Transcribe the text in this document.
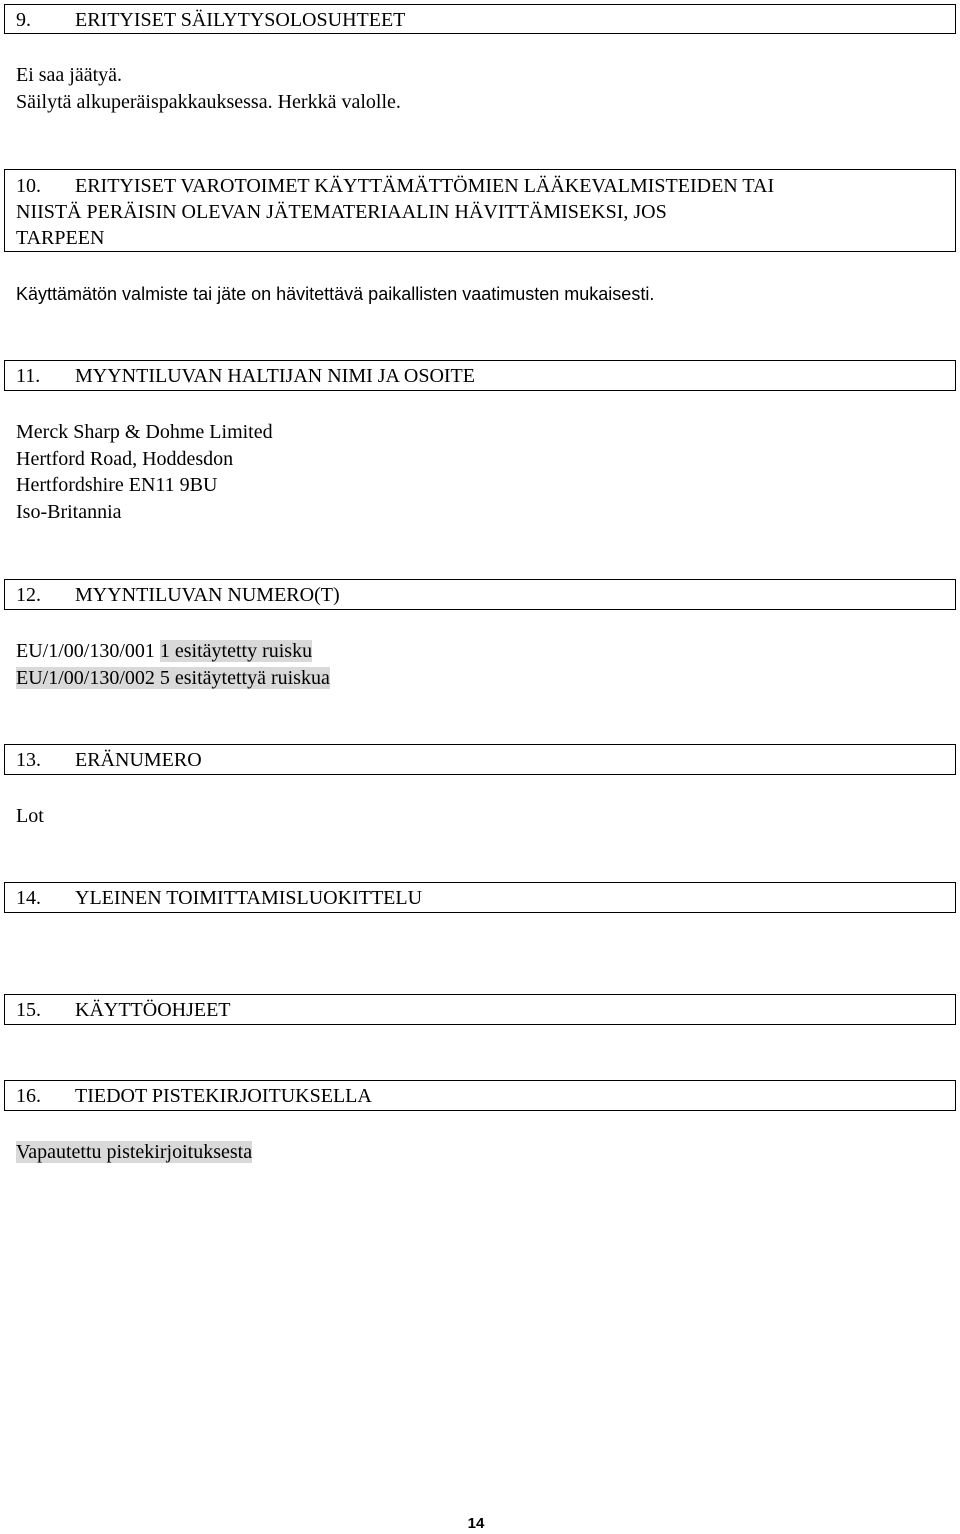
9. ERITYISET SÄILYTYSOLOSUHTEET
Ei saa jäätyä.
Säilytä alkuperäispakkauksessa. Herkkä valolle.
10. ERITYISET VAROTOIMET KÄYTTÄMÄTTÖMIEN LÄÄKEVALMISTEIDEN TAI
NIISTÄ PERÄISIN OLEVAN JÄTEMATERIAALIN HÄVITTÄMISEKSI, JOS
TARPEEN
Käyttämätön valmiste tai jäte on hävitettävä paikallisten vaatimusten mukaisesti.
11. MYYNTILUVAN HALTIJAN NIMI JA OSOITE
Merck Sharp & Dohme Limited
Hertford Road, Hoddesdon
Hertfordshire EN11 9BU
Iso-Britannia
12. MYYNTILUVAN NUMERO(T)
EU/1/00/130/001 1 esitäytetty ruisku
EU/1/00/130/002 5 esitäytettyä ruiskua
13. ERÄNUMERO
Lot
14. YLEINEN TOIMITTAMISLUOKITTELU
15. KÄYTTÖOHJEET
16. TIEDOT PISTEKIRJOITUKSELLA
Vapautettu pistekirjoituksesta
14
